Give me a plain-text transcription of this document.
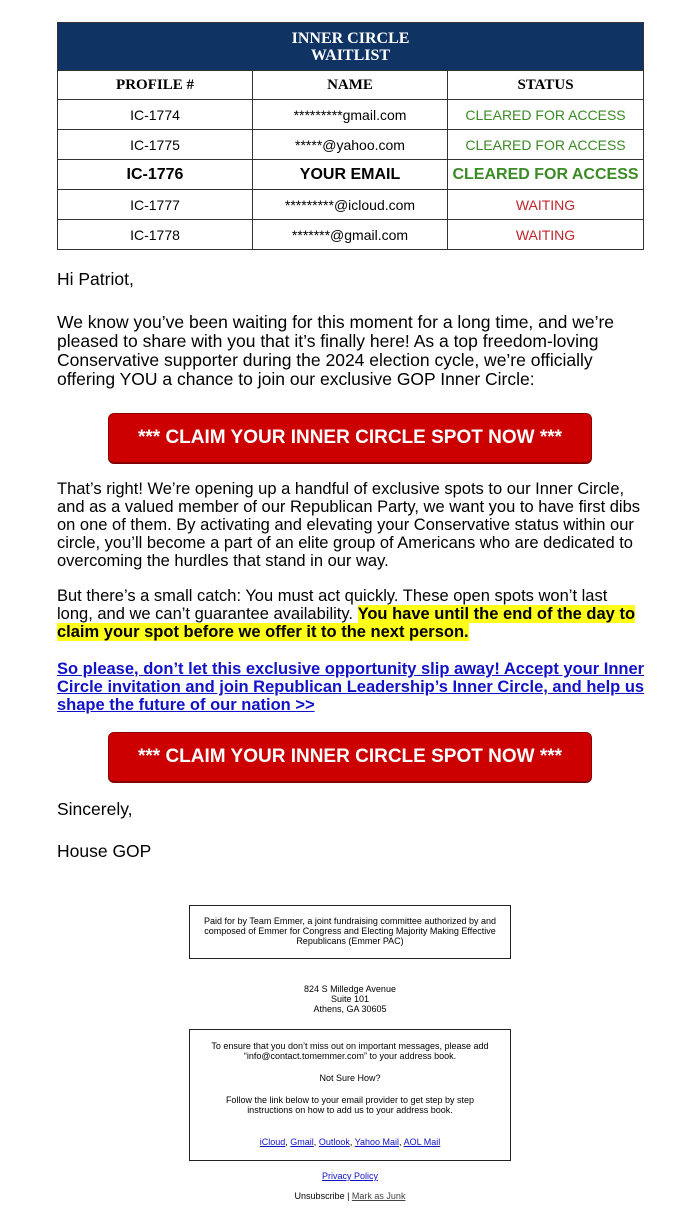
INNER CIRCLE
WAITLIST		
PROFILE #	NAME	STATUS
IC-1774	*********gmail.com	CLEARED FOR ACCESS
IC-1775	*****@yahoo.com	CLEARED FOR ACCESS
IC-1776	YOUR EMAIL	CLEARED FOR ACCESS
IC-1777	*********@icloud.com	WAITING
IC-1778	*******@gmail.com	WAITING

Hi Patriot,

We know you’ve been waiting for this moment for a long time, and we’re pleased to share with you that it’s finally here! As a top freedom-loving Conservative supporter during the 2024 election cycle, we’re officially offering YOU a chance to join our exclusive GOP Inner Circle:

*** CLAIM YOUR INNER CIRCLE SPOT NOW ***

That’s right! We’re opening up a handful of exclusive spots to our Inner Circle, and as a valued member of our Republican Party, we want you to have first dibs on one of them. By activating and elevating your Conservative status within our circle, you’ll become a part of an elite group of Americans who are dedicated to overcoming the hurdles that stand in our way.

But there’s a small catch: You must act quickly. These open spots won’t last long, and we can’t guarantee availability. You have until the end of the day to claim your spot before we offer it to the next person.

So please, don’t let this exclusive opportunity slip away! Accept your Inner Circle invitation and join Republican Leadership’s Inner Circle, and help us shape the future of our nation >>

*** CLAIM YOUR INNER CIRCLE SPOT NOW ***

Sincerely,

House GOP

Paid for by Team Emmer, a joint fundraising committee authorized by and composed of Emmer for Congress and Electing Majority Making Effective Republicans (Emmer PAC)
824 S Milledge Avenue
Suite 101
Athens, GA 30605
To ensure that you don’t miss out on important messages, please add “info@contact.tomemmer.com” to your address book.
Not Sure How?
Follow the link below to your email provider to get step by step instructions on how to add us to your address book.
iCloud, Gmail, Outlook, Yahoo Mail, AOL Mail
Privacy Policy
Unsubscribe | Mark as Junk
